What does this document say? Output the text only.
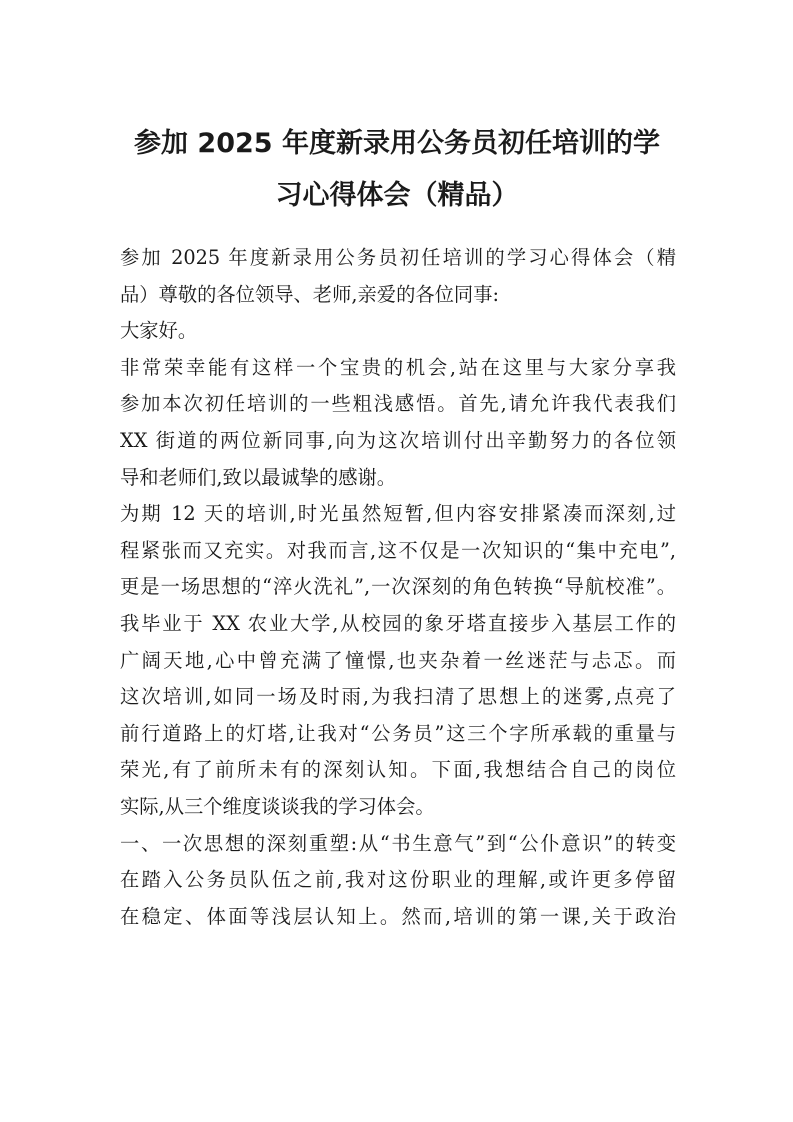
参加 2025 年度新录用公务员初任培训的学
习心得体会（精品）
参加 2025 年度新录用公务员初任培训的学习心得体会（精
品）尊敬的各位领导、老师,亲爱的各位同事:
大家好。
非常荣幸能有这样一个宝贵的机会,站在这里与大家分享我
参加本次初任培训的一些粗浅感悟。首先,请允许我代表我们
XX 街道的两位新同事,向为这次培训付出辛勤努力的各位领
导和老师们,致以最诚挚的感谢。
为期 12 天的培训,时光虽然短暂,但内容安排紧凑而深刻,过
程紧张而又充实。对我而言,这不仅是一次知识的“集中充电”,
更是一场思想的“淬火洗礼”,一次深刻的角色转换“导航校准”。
我毕业于 XX 农业大学,从校园的象牙塔直接步入基层工作的
广阔天地,心中曾充满了憧憬,也夹杂着一丝迷茫与忐忑。而
这次培训,如同一场及时雨,为我扫清了思想上的迷雾,点亮了
前行道路上的灯塔,让我对“公务员”这三个字所承载的重量与
荣光,有了前所未有的深刻认知。下面,我想结合自己的岗位
实际,从三个维度谈谈我的学习体会。
一、一次思想的深刻重塑:从“书生意气”到“公仆意识”的转变
在踏入公务员队伍之前,我对这份职业的理解,或许更多停留
在稳定、体面等浅层认知上。然而,培训的第一课,关于政治
